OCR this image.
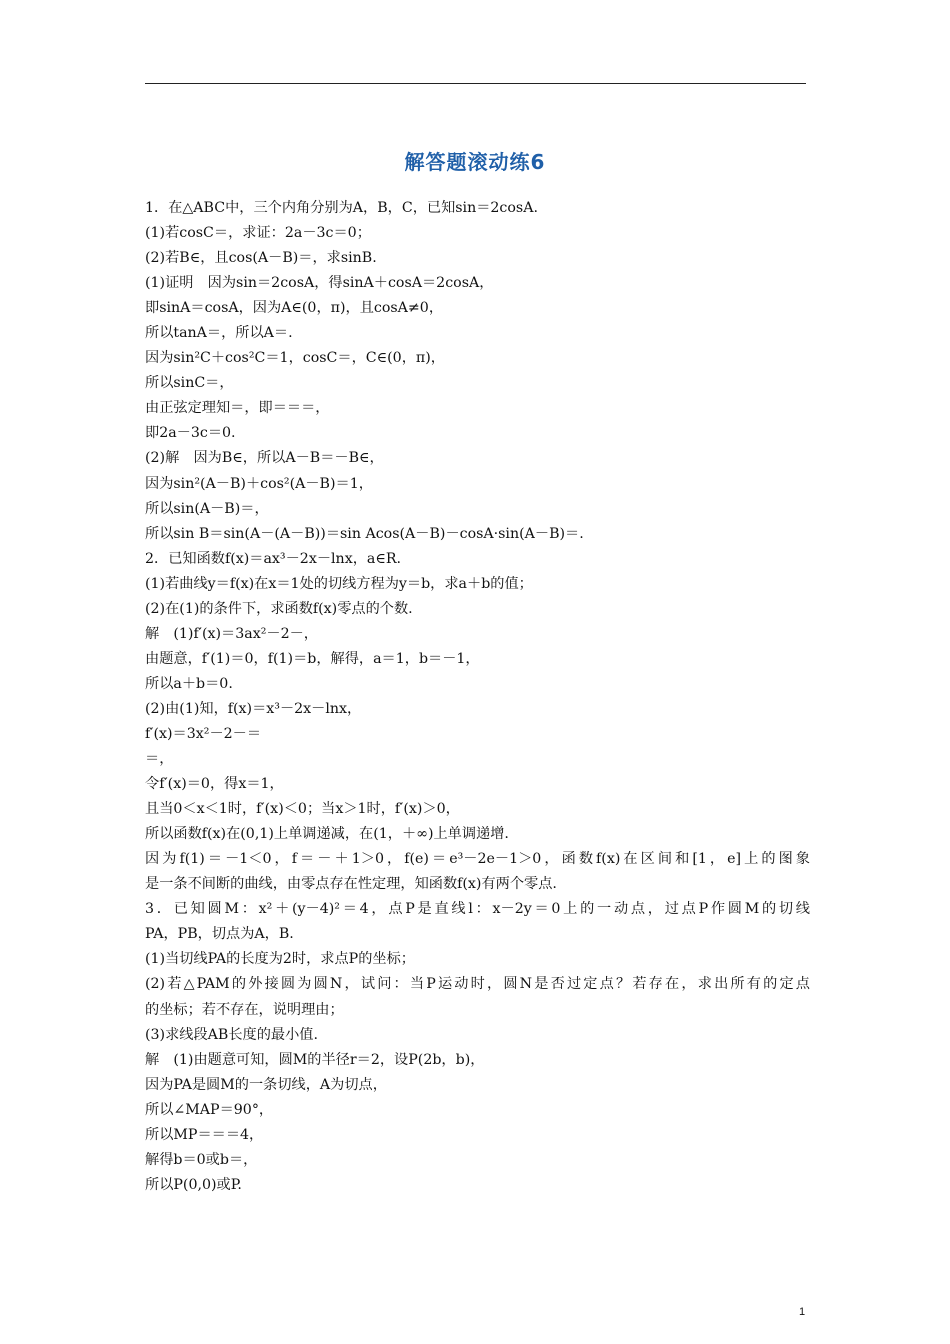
解答题滚动练6
1．在△ABC中，三个内角分别为A，B，C，已知sin＝2cosA.
(1)若cosC＝，求证：2a－3c＝0；
(2)若B∈，且cos(A－B)＝，求sinB.
(1)证明　因为sin＝2cosA，得sinA＋cosA＝2cosA，
即sinA＝cosA，因为A∈(0，π)，且cosA≠0，
所以tanA＝，所以A＝.
因为sin²C＋cos²C＝1，cosC＝，C∈(0，π)，
所以sinC＝，
由正弦定理知＝，即＝＝＝，
即2a－3c＝0.
(2)解　因为B∈，所以A－B＝－B∈，
因为sin²(A－B)＋cos²(A－B)＝1，
所以sin(A－B)＝，
所以sin B＝sin(A－(A－B))＝sin Acos(A－B)－cosA·sin(A－B)＝.
2．已知函数f(x)＝ax³－2x－lnx，a∈R.
(1)若曲线y＝f(x)在x＝1处的切线方程为y＝b，求a＋b的值；
(2)在(1)的条件下，求函数f(x)零点的个数.
解　(1)f′(x)＝3ax²－2－，
由题意，f′(1)＝0，f(1)＝b，解得，a＝1，b＝－1，
所以a＋b＝0.
(2)由(1)知，f(x)＝x³－2x－lnx，
f′(x)＝3x²－2－＝
＝，
令f′(x)＝0，得x＝1，
且当0＜x＜1时，f′(x)＜0；当x＞1时，f′(x)＞0，
所以函数f(x)在(0,1)上单调递减，在(1，＋∞)上单调递增.
因为f(1)＝－1＜0，f＝－＋1＞0，f(e)＝e³－2e－1＞0，函数f(x)在区间和[1，e]上的图象
是一条不间断的曲线，由零点存在性定理，知函数f(x)有两个零点.
3．已知圆M：x²＋(y－4)²＝4，点P是直线l：x－2y＝0上的一动点，过点P作圆M的切线
PA，PB，切点为A，B.
(1)当切线PA的长度为2时，求点P的坐标；
(2)若△PAM的外接圆为圆N，试问：当P运动时，圆N是否过定点？若存在，求出所有的定点
的坐标；若不存在，说明理由；
(3)求线段AB长度的最小值.
解　(1)由题意可知，圆M的半径r＝2，设P(2b，b)，
因为PA是圆M的一条切线，A为切点，
所以∠MAP＝90°，
所以MP＝＝＝4，
解得b＝0或b＝，
所以P(0,0)或P.
1
